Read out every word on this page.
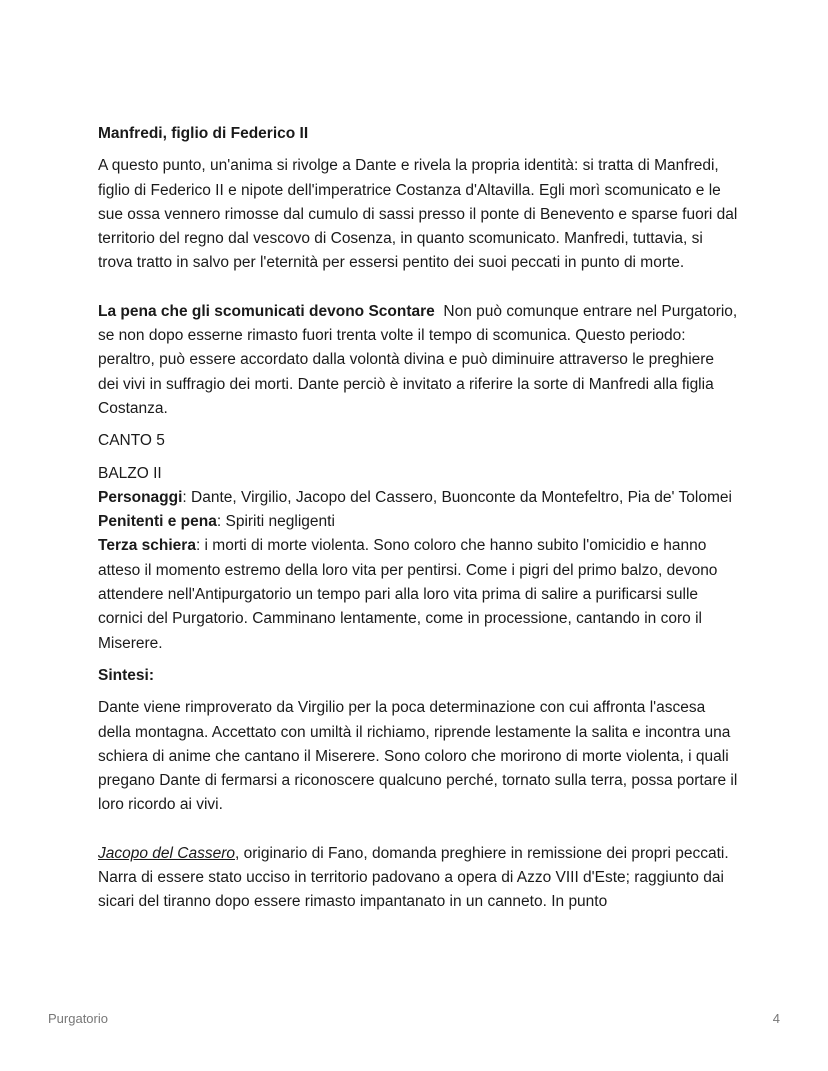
Manfredi, figlio di Federico II

A questo punto, un'anima si rivolge a Dante e rivela la propria identità: si tratta di Manfredi, figlio di Federico II e nipote dell'imperatrice Costanza d'Altavilla. Egli morì scomunicato e le sue ossa vennero rimosse dal cumulo di sassi presso il ponte di Benevento e sparse fuori dal territorio del regno dal vescovo di Cosenza, in quanto scomunicato. Manfredi, tuttavia, si trova tratto in salvo per l'eternità per essersi pentito dei suoi peccati in punto di morte.

La pena che gli scomunicati devono Scontare Non può comunque entrare nel Purgatorio, se non dopo esserne rimasto fuori trenta volte il tempo di scomunica. Questo periodo: peraltro, può essere accordato dalla volontà divina e può diminuire attraverso le preghiere dei vivi in suffragio dei morti. Dante perciò è invitato a riferire la sorte di Manfredi alla figlia Costanza.

CANTO 5

BALZO II

Personaggi: Dante, Virgilio, Jacopo del Cassero, Buonconte da Montefeltro, Pia de' Tolomei

Penitenti e pena: Spiriti negligenti

Terza schiera: i morti di morte violenta. Sono coloro che hanno subito l'omicidio e hanno atteso il momento estremo della loro vita per pentirsi. Come i pigri del primo balzo, devono attendere nell'Antipurgatorio un tempo pari alla loro vita prima di salire a purificarsi sulle cornici del Purgatorio. Camminano lentamente, come in processione, cantando in coro il Miserere.

Sintesi:

Dante viene rimproverato da Virgilio per la poca determinazione con cui affronta l'ascesa della montagna. Accettato con umiltà il richiamo, riprende lestamente la salita e incontra una schiera di anime che cantano il Miserere. Sono coloro che morirono di morte violenta, i quali pregano Dante di fermarsi a riconoscere qualcuno perché, tornato sulla terra, possa portare il loro ricordo ai vivi.

Jacopo del Cassero, originario di Fano, domanda preghiere in remissione dei propri peccati. Narra di essere stato ucciso in territorio padovano a opera di Azzo VIII d'Este; raggiunto dai sicari del tiranno dopo essere rimasto impantanato in un canneto. In punto

Purgatorio	4
